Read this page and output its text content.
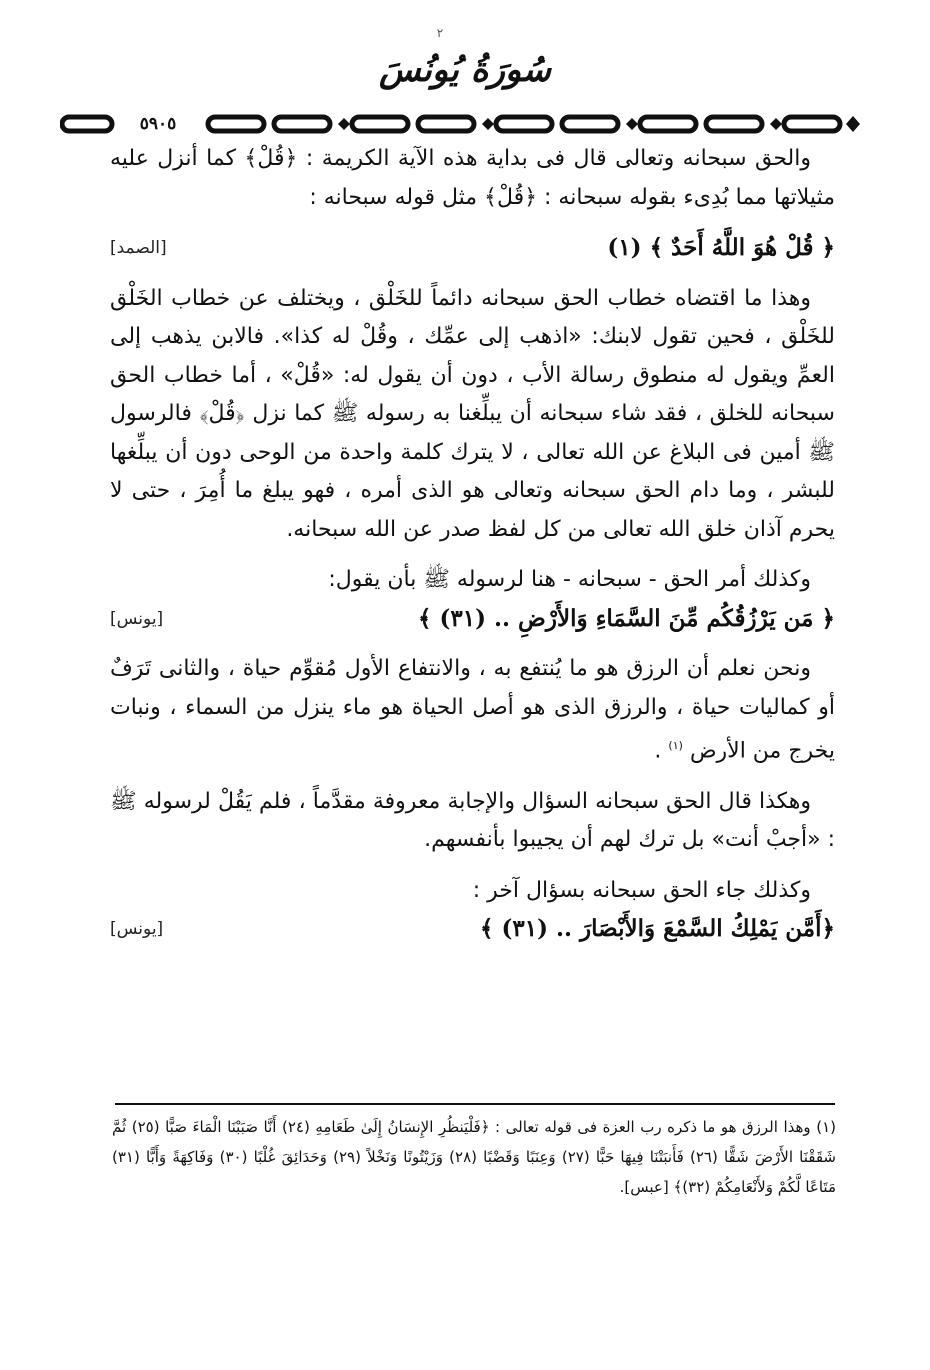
٢
سُورَةُ يُونُسَ
٥٩٠٥

والحق سبحانه وتعالى قال فى بداية هذه الآية الكريمة : ﴿قُلْ﴾ كما أنزل عليه مثيلاتها مما بُدِىء بقوله سبحانه : ﴿قُلْ﴾ مثل قوله سبحانه :

﴿ قُلْ هُوَ اللَّهُ أَحَدٌ ﴾ (١)
[الصمد]

وهذا ما اقتضاه خطاب الحق سبحانه دائماً للخَلْق ، ويختلف عن خطاب الخَلْق للخَلْق ، فحين تقول لابنك: «اذهب إلى عمِّك ، وقُلْ له كذا». فالابن يذهب إلى العمِّ ويقول له منطوق رسالة الأب ، دون أن يقول له: «قُلْ» ، أما خطاب الحق سبحانه للخلق ، فقد شاء سبحانه أن يبلِّغنا به رسوله ﷺ كما نزل ﴿قُلْ﴾ فالرسول ﷺ أمين فى البلاغ عن الله تعالى ، لا يترك كلمة واحدة من الوحى دون أن يبلِّغها للبشر ، وما دام الحق سبحانه وتعالى هو الذى أمره ، فهو يبلغ ما أُمِرَ ، حتى لا يحرم آذان خلق الله تعالى من كل لفظ صدر عن الله سبحانه.

وكذلك أمر الحق - سبحانه - هنا لرسوله ﷺ بأن يقول:

﴿ مَن يَرْزُقُكُم مِّنَ السَّمَاءِ وَالأَرْضِ .. (٣١) ﴾
[يونس]

ونحن نعلم أن الرزق هو ما يُنتفع به ، والانتفاع الأول مُقوِّم حياة ، والثانى تَرَفٌ أو كماليات حياة ، والرزق الذى هو أصل الحياة هو ماء ينزل من السماء ، ونبات يخرج من الأرض $^{(١)}$ .

وهكذا قال الحق سبحانه السؤال والإجابة معروفة مقدَّماً ، فلم يَقُلْ لرسوله ﷺ : «أجبْ أنت» بل ترك لهم أن يجيبوا بأنفسهم.

وكذلك جاء الحق سبحانه بسؤال آخر :

﴿أَمَّن يَمْلِكُ السَّمْعَ وَالأَبْصَارَ .. (٣١) ﴾
[يونس]

(١) وهذا الرزق هو ما ذكره رب العزة فى قوله تعالى : ﴿فَلْيَنظُرِ الإِنسَانُ إِلَىٰ طَعَامِهِ (٢٤) أَنَّا صَبَبْنَا الْمَاءَ صَبًّا (٢٥) ثُمَّ شَقَقْنَا الأَرْضَ شَقًّا (٢٦) فَأَنبَتْنَا فِيهَا حَبًّا (٢٧) وَعِنَبًا وَقَضْبًا (٢٨) وَزَيْتُونًا وَنَخْلاً (٢٩) وَحَدَائِقَ غُلْبًا (٣٠) وَفَاكِهَةً وَأَبًّا (٣١) مَتَاعًا لَّكُمْ وَلأَنْعَامِكُمْ (٣٢)﴾ [عبس].
